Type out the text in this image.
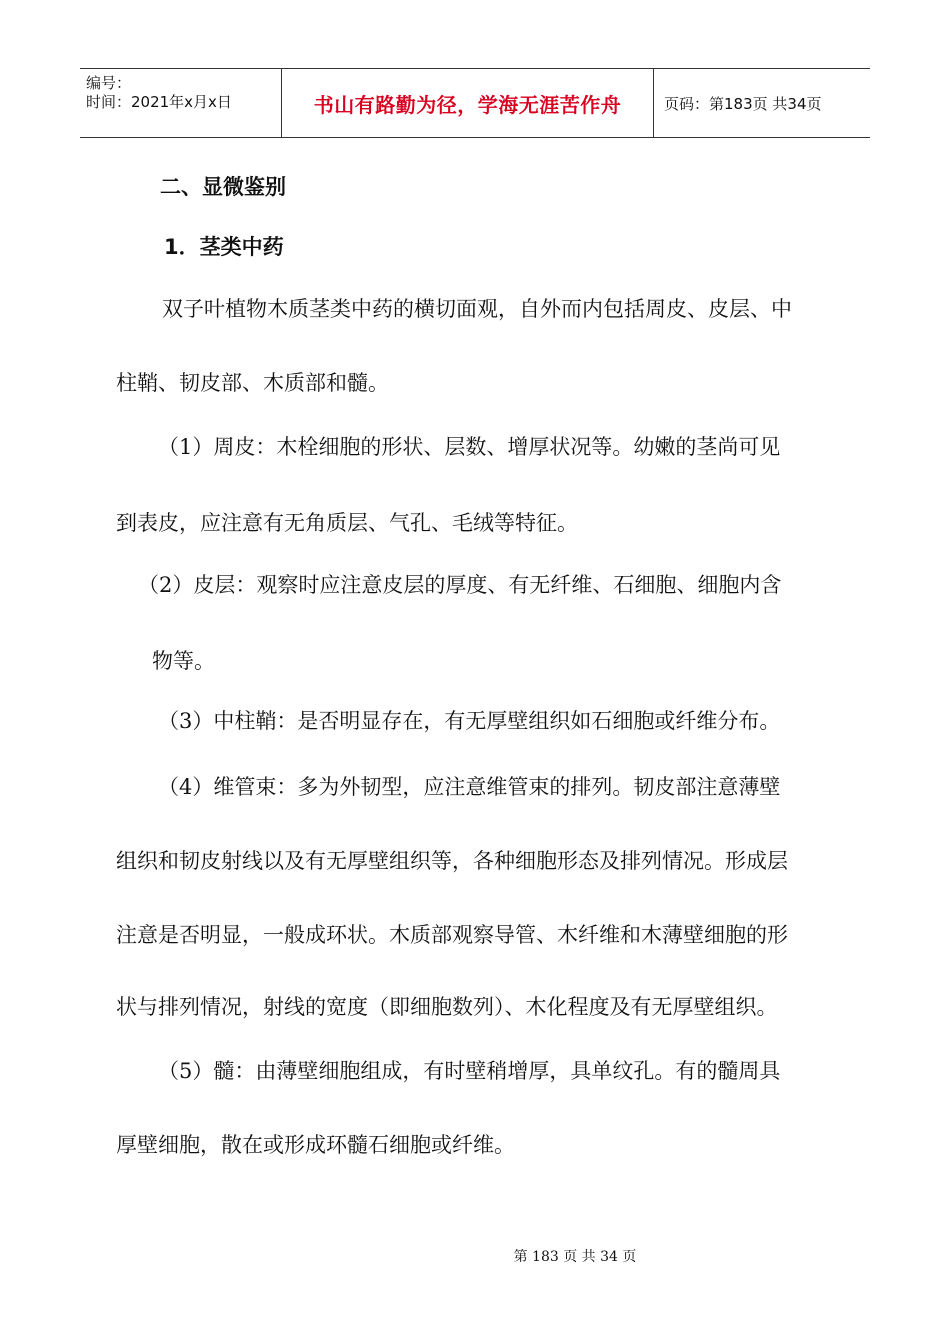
编号：
时间：2021年x月x日	书山有路勤为径，学海无涯苦作舟	页码：第183页 共34页
二、显微鉴别
1．茎类中药
双子叶植物木质茎类中药的横切面观，自外而内包括周皮、皮层、中
柱鞘、韧皮部、木质部和髓。
（1）周皮：木栓细胞的形状、层数、增厚状况等。幼嫩的茎尚可见
到表皮，应注意有无角质层、气孔、毛绒等特征。
（2）皮层：观察时应注意皮层的厚度、有无纤维、石细胞、细胞内含
物等。
（3）中柱鞘：是否明显存在，有无厚壁组织如石细胞或纤维分布。
（4）维管束：多为外韧型，应注意维管束的排列。韧皮部注意薄壁
组织和韧皮射线以及有无厚壁组织等，各种细胞形态及排列情况。形成层
注意是否明显，一般成环状。木质部观察导管、木纤维和木薄壁细胞的形
状与排列情况，射线的宽度（即细胞数列）、木化程度及有无厚壁组织。
（5）髓：由薄壁细胞组成，有时壁稍增厚，具单纹孔。有的髓周具
厚壁细胞，散在或形成环髓石细胞或纤维。
第 183 页 共 34 页
